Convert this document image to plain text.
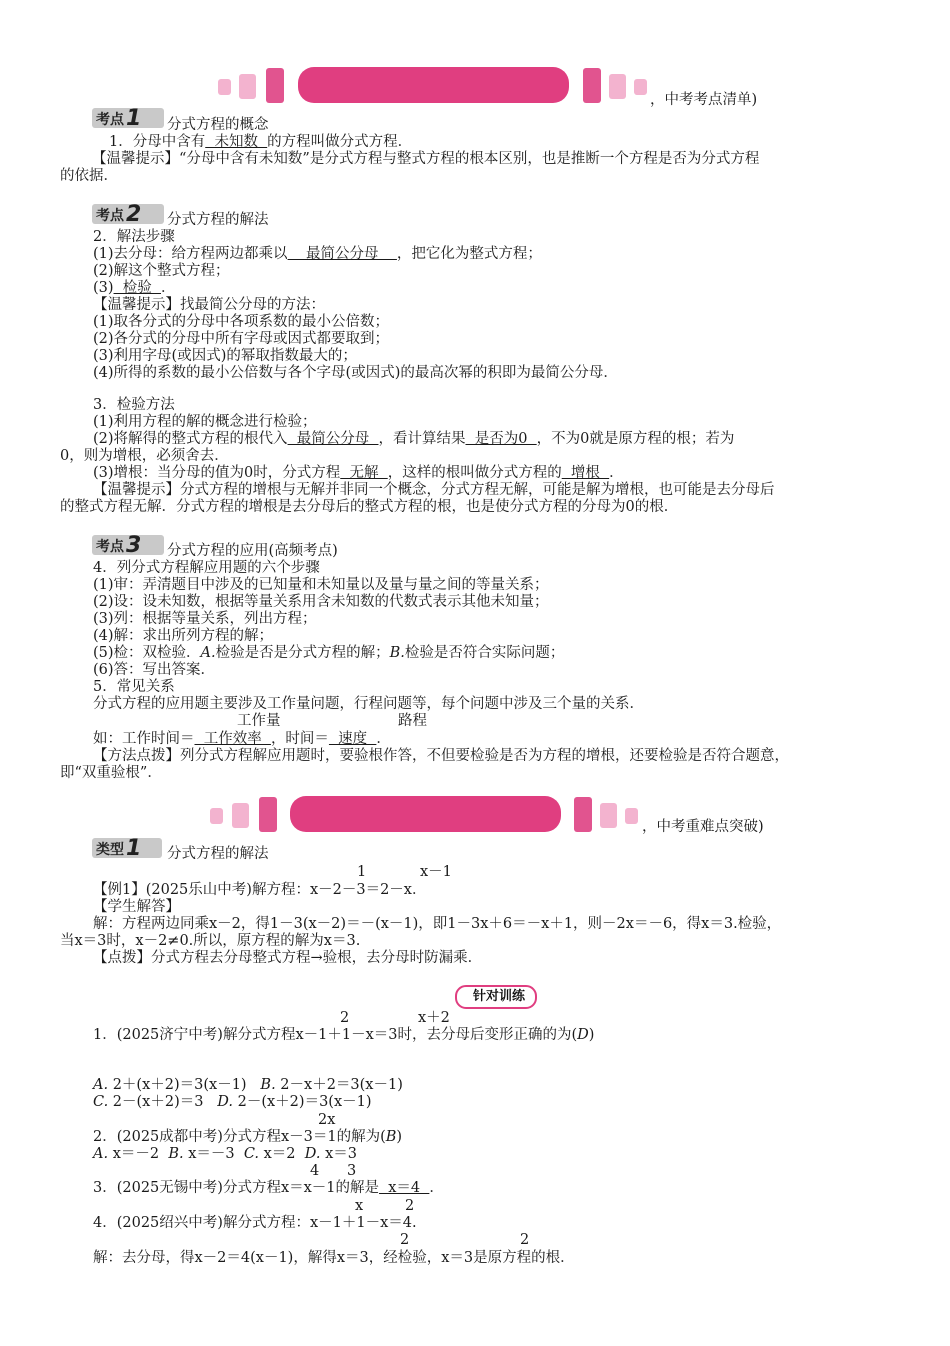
，中考考点清单)
考点1	分式方程的概念
1．分母中含有  未知数  的方程叫做分式方程．
【温馨提示】“分母中含有未知数”是分式方程与整式方程的根本区别，也是推断一个方程是否为分式方程
的依据．
考点2	分式方程的解法
2．解法步骤
(1)去分母：给方程两边都乘以    最简公分母    ，把它化为整式方程；
(2)解这个整式方程；
(3)  检验  ．
【温馨提示】找最简公分母的方法：
(1)取各分式的分母中各项系数的最小公倍数；
(2)各分式的分母中所有字母或因式都要取到；
(3)利用字母(或因式)的幂取指数最大的；
(4)所得的系数的最小公倍数与各个字母(或因式)的最高次幂的积即为最简公分母．
3．检验方法
(1)利用方程的解的概念进行检验；
(2)将解得的整式方程的根代入  最简公分母  ，看计算结果  是否为0  ，不为0就是原方程的根；若为
0，则为增根，必须舍去．
(3)增根：当分母的值为0时，分式方程  无解  ，这样的根叫做分式方程的  增根  ．
【温馨提示】分式方程的增根与无解并非同一个概念，分式方程无解，可能是解为增根，也可能是去分母后
的整式方程无解．分式方程的增根是去分母后的整式方程的根，也是使分式方程的分母为0的根．
考点3	分式方程的应用(高频考点)
4．列分式方程解应用题的六个步骤
(1)审：弄清题目中涉及的已知量和未知量以及量与量之间的等量关系；
(2)设：设未知数，根据等量关系用含未知数的代数式表示其他未知量；
(3)列：根据等量关系，列出方程；
(4)解：求出所列方程的解；
(5)检：双检验．A.检验是否是分式方程的解；B.检验是否符合实际问题；
(6)答：写出答案．
5．常见关系
分式方程的应用题主要涉及工作量问题，行程问题等，每个问题中涉及三个量的关系．
工作量	路程
如：工作时间＝  工作效率  ，时间＝  速度  ．
【方法点拨】列分式方程解应用题时，要验根作答，不但要检验是否为方程的增根，还要检验是否符合题意，
即“双重验根”．
，中考重难点突破)
类型1	分式方程的解法
1	x－1
【例1】(2025乐山中考)解方程：x－2－3＝2－x．
【学生解答】
解：方程两边同乘x－2，得1－3(x－2)＝－(x－1)，即1－3x＋6＝－x＋1，则－2x＝－6，得x＝3.检验，
当x＝3时，x－2≠0.所以，原方程的解为x＝3.
【点拨】分式方程去分母整式方程→验根，去分母时防漏乘．
针对训练
2	x＋2
1．(2025济宁中考)解分式方程x－1＋1－x＝3时，去分母后变形正确的为(D)
A. 2＋(x＋2)＝3(x－1) B. 2－x＋2＝3(x－1)
C. 2－(x＋2)＝3 D. 2－(x＋2)＝3(x－1)
2x
2．(2025成都中考)分式方程x－3＝1的解为(B)
A. x＝－2 B. x＝－3 C. x＝2 D. x＝3
4 3
3．(2025无锡中考)分式方程x＝x－1的解是  x＝4  ．
x	2
4．(2025绍兴中考)解分式方程：x－1＋1－x＝4.
2	2
解：去分母，得x－2＝4(x－1)，解得x＝3，经检验，x＝3是原方程的根．
